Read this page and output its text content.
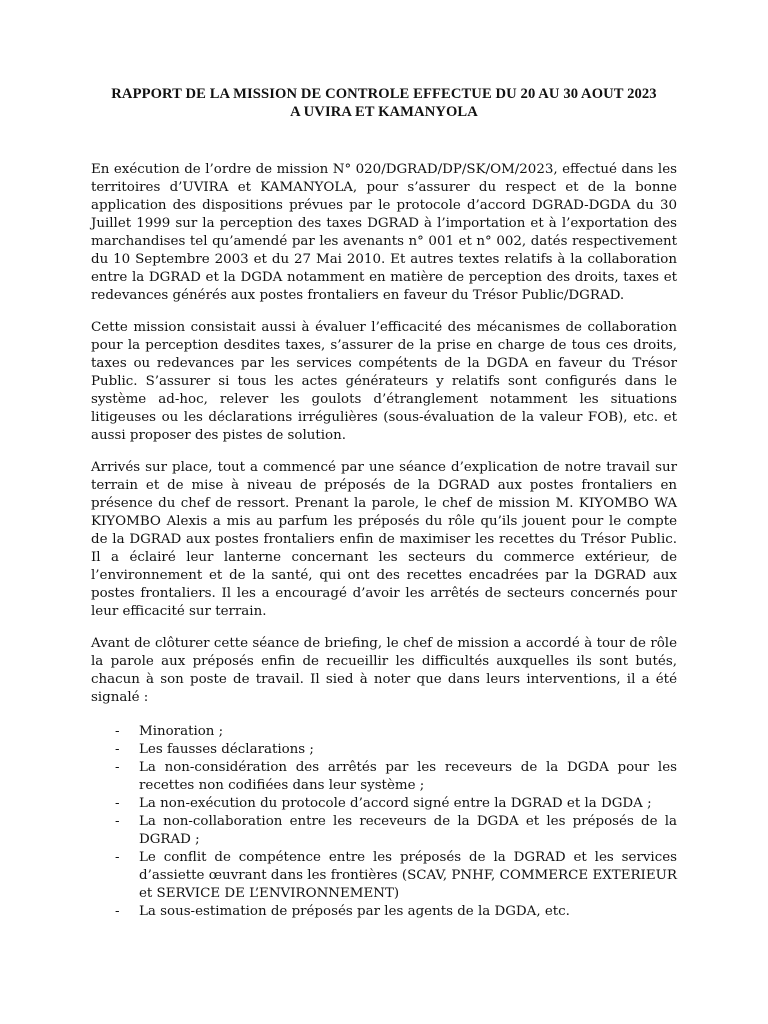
RAPPORT DE LA MISSION DE CONTROLE EFFECTUE DU 20 AU 30 AOUT 2023
A UVIRA ET KAMANYOLA

En exécution de l’ordre de mission N° 020/DGRAD/DP/SK/OM/2023, effectué dans les territoires d’UVIRA et KAMANYOLA, pour s’assurer du respect et de la bonne application des dispositions prévues par le protocole d’accord DGRAD-DGDA du 30 Juillet 1999 sur la perception des taxes DGRAD à l’importation et à l’exportation des marchandises tel qu’amendé par les avenants n° 001 et n° 002, datés respectivement du 10 Septembre 2003 et du 27 Mai 2010. Et autres textes relatifs à la collaboration entre la DGRAD et la DGDA notamment en matière de perception des droits, taxes et redevances générés aux postes frontaliers en faveur du Trésor Public/DGRAD.

Cette mission consistait aussi à évaluer l’efficacité des mécanismes de collaboration pour la perception desdites taxes, s’assurer de la prise en charge de tous ces droits, taxes ou redevances par les services compétents de la DGDA en faveur du Trésor Public. S’assurer si tous les actes générateurs y relatifs sont configurés dans le système ad-hoc, relever les goulots d’étranglement notamment les situations litigeuses ou les déclarations irrégulières (sous-évaluation de la valeur FOB), etc. et aussi proposer des pistes de solution.

Arrivés sur place, tout a commencé par une séance d’explication de notre travail sur terrain et de mise à niveau de préposés de la DGRAD aux postes frontaliers en présence du chef de ressort. Prenant la parole, le chef de mission M. KIYOMBO WA KIYOMBO Alexis a mis au parfum les préposés du rôle qu’ils jouent pour le compte de la DGRAD aux postes frontaliers enfin de maximiser les recettes du Trésor Public. Il a éclairé leur lanterne concernant les secteurs du commerce extérieur, de l’environnement et de la santé, qui ont des recettes encadrées par la DGRAD aux postes frontaliers. Il les a encouragé d’avoir les arrêtés de secteurs concernés pour leur efficacité sur terrain.

Avant de clôturer cette séance de briefing, le chef de mission a accordé à tour de rôle la parole aux préposés enfin de recueillir les difficultés auxquelles ils sont butés, chacun à son poste de travail. Il sied à noter que dans leurs interventions, il a été signalé :

- Minoration ;
- Les fausses déclarations ;
- La non-considération des arrêtés par les receveurs de la DGDA pour les recettes non codifiées dans leur système ;
- La non-exécution du protocole d’accord signé entre la DGRAD et la DGDA ;
- La non-collaboration entre les receveurs de la DGDA et les préposés de la DGRAD ;
- Le conflit de compétence entre les préposés de la DGRAD et les services d’assiette œuvrant dans les frontières (SCAV, PNHF, COMMERCE EXTERIEUR et SERVICE DE L’ENVIRONNEMENT)
- La sous-estimation de préposés par les agents de la DGDA, etc.
